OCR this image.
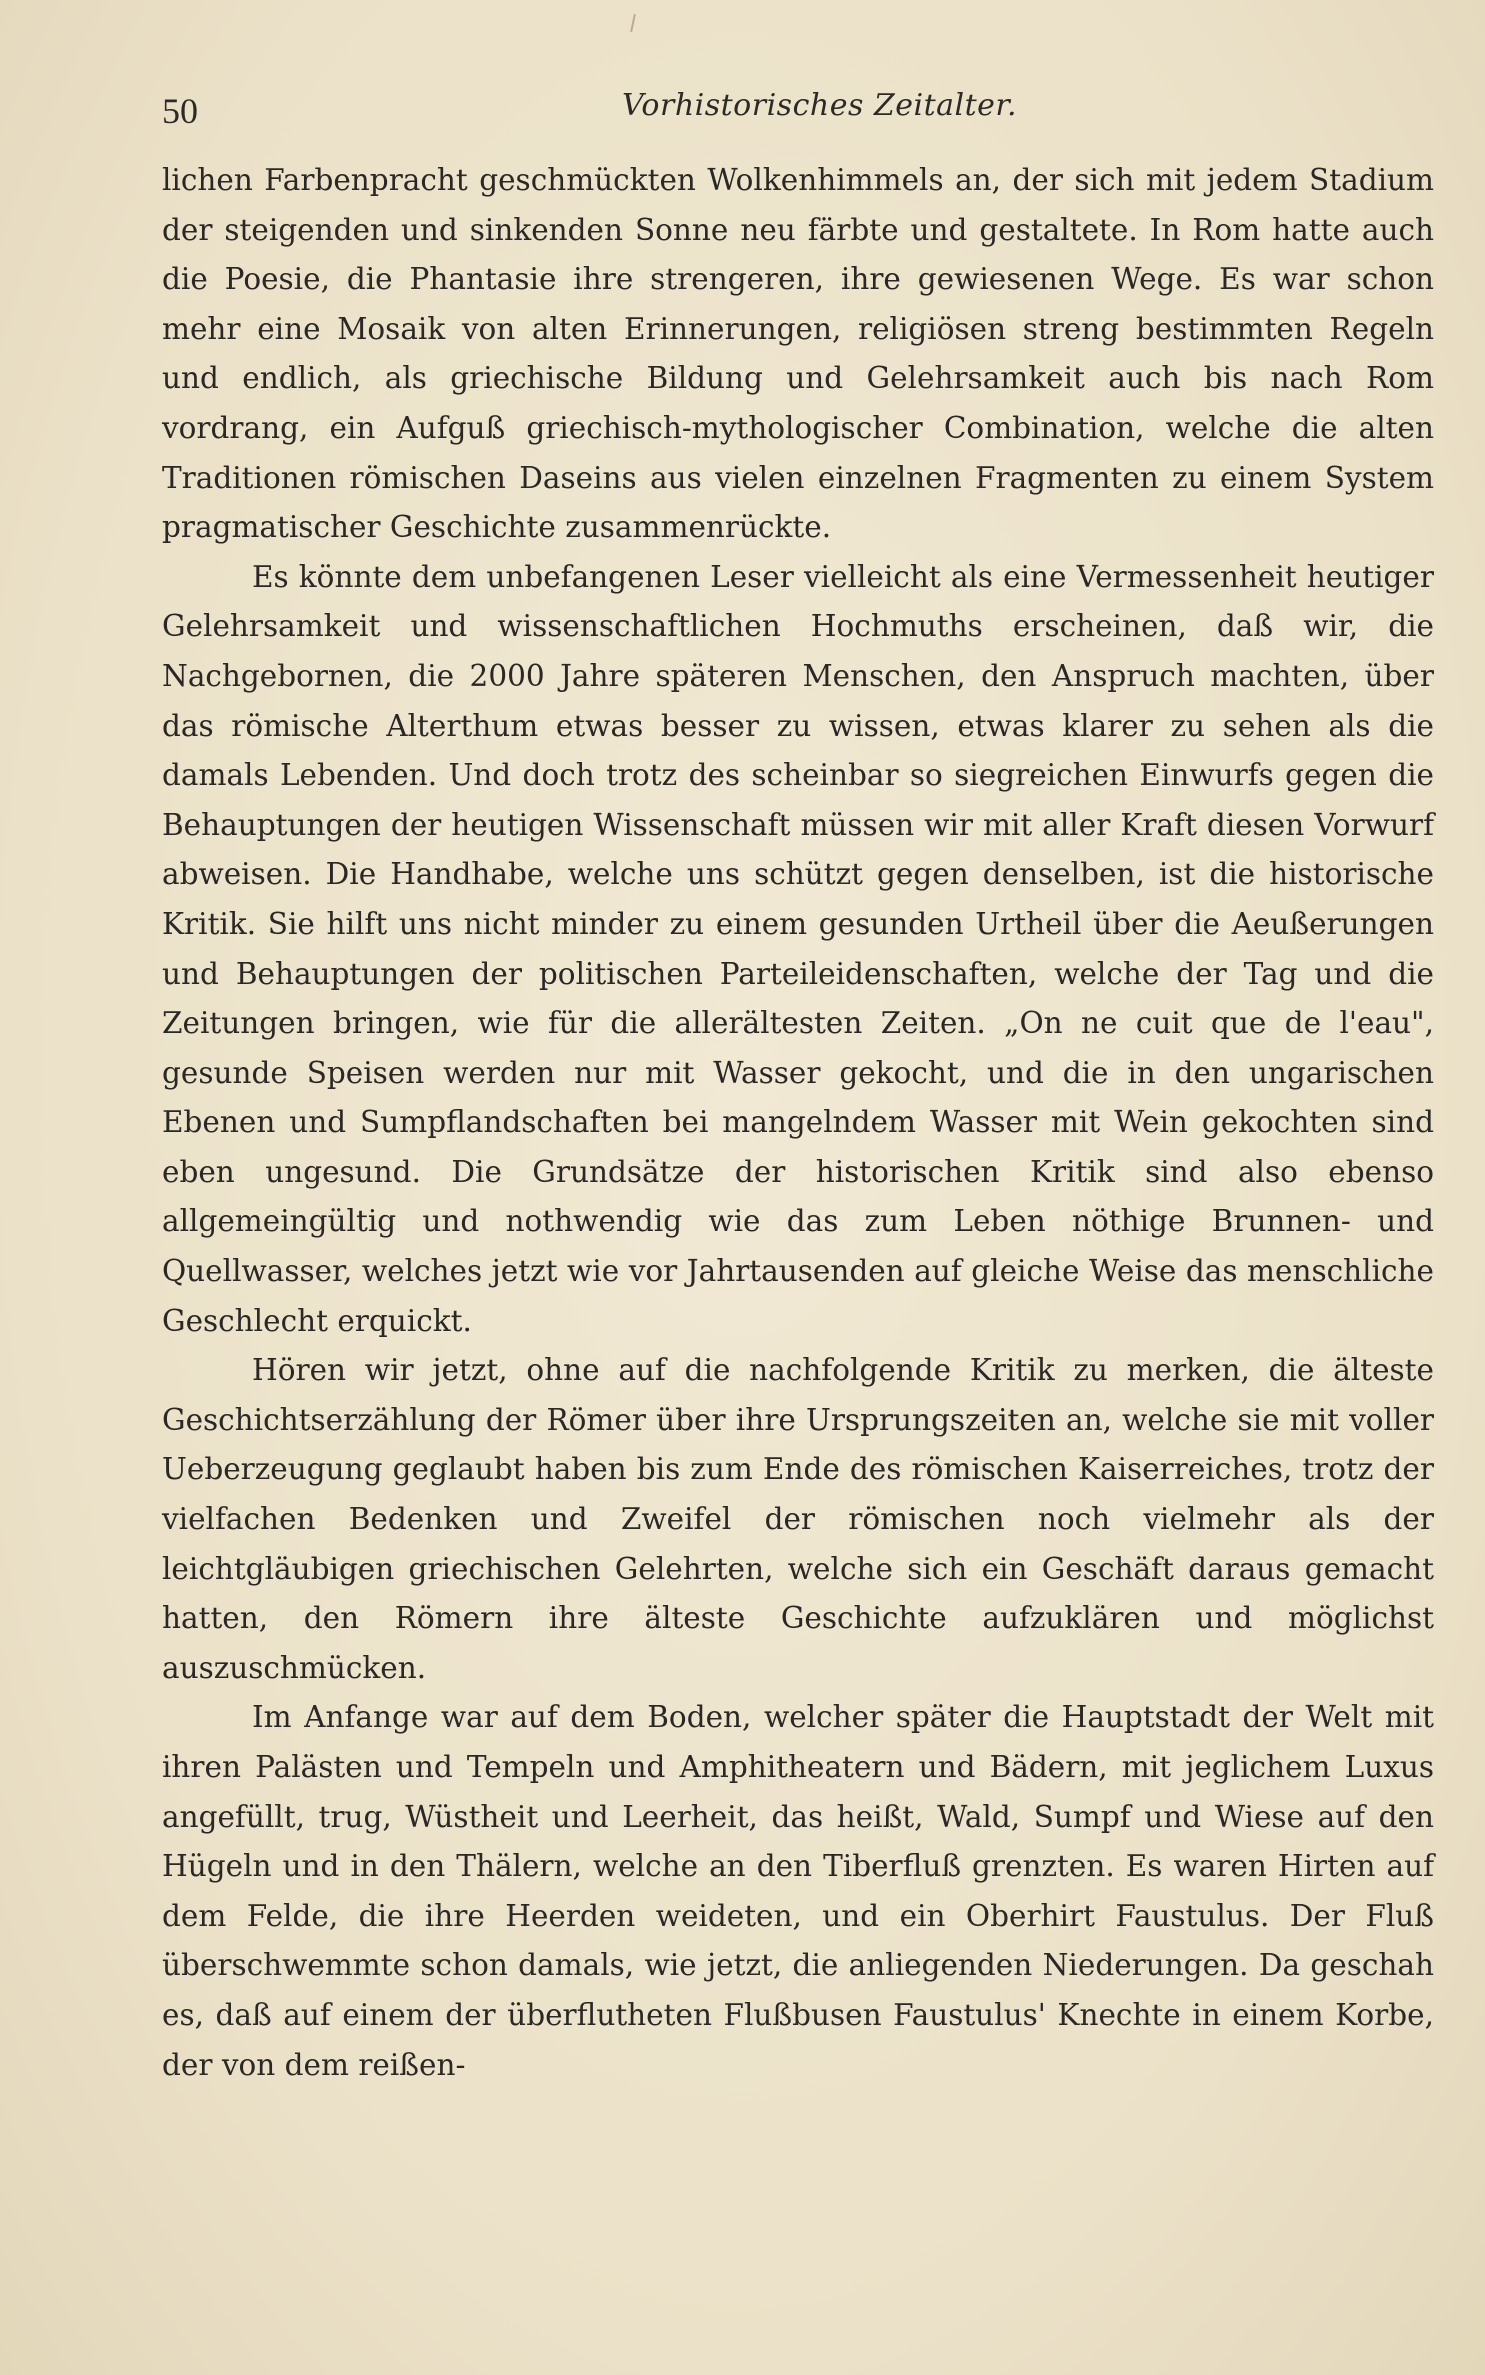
50	Vorhistorisches Zeitalter.

lichen Farbenpracht geschmückten Wolkenhimmels an, der sich mit jedem Stadium der steigenden und sinkenden Sonne neu färbte und gestaltete. In Rom hatte auch die Poesie, die Phantasie ihre strengeren, ihre gewiesenen Wege. Es war schon mehr eine Mosaik von alten Erinnerungen, religiösen streng bestimmten Regeln und endlich, als griechische Bildung und Gelehrsamkeit auch bis nach Rom vordrang, ein Aufguß griechisch-mythologischer Combination, welche die alten Traditionen römischen Daseins aus vielen einzelnen Fragmenten zu einem System pragmatischer Geschichte zusammenrückte.

Es könnte dem unbefangenen Leser vielleicht als eine Vermessenheit heutiger Gelehrsamkeit und wissenschaftlichen Hochmuths erscheinen, daß wir, die Nachgebornen, die 2000 Jahre späteren Menschen, den Anspruch machten, über das römische Alterthum etwas besser zu wissen, etwas klarer zu sehen als die damals Lebenden. Und doch trotz des scheinbar so siegreichen Einwurfs gegen die Behauptungen der heutigen Wissenschaft müssen wir mit aller Kraft diesen Vorwurf abweisen. Die Handhabe, welche uns schützt gegen denselben, ist die historische Kritik. Sie hilft uns nicht minder zu einem gesunden Urtheil über die Aeußerungen und Behauptungen der politischen Parteileidenschaften, welche der Tag und die Zeitungen bringen, wie für die allerältesten Zeiten. „On ne cuit que de l'eau", gesunde Speisen werden nur mit Wasser gekocht, und die in den ungarischen Ebenen und Sumpflandschaften bei mangelndem Wasser mit Wein gekochten sind eben ungesund. Die Grundsätze der historischen Kritik sind also ebenso allgemeingültig und nothwendig wie das zum Leben nöthige Brunnen- und Quellwasser, welches jetzt wie vor Jahrtausenden auf gleiche Weise das menschliche Geschlecht erquickt.

Hören wir jetzt, ohne auf die nachfolgende Kritik zu merken, die älteste Geschichtserzählung der Römer über ihre Ursprungszeiten an, welche sie mit voller Ueberzeugung geglaubt haben bis zum Ende des römischen Kaiserreiches, trotz der vielfachen Bedenken und Zweifel der römischen noch vielmehr als der leichtgläubigen griechischen Gelehrten, welche sich ein Geschäft daraus gemacht hatten, den Römern ihre älteste Geschichte aufzuklären und möglichst auszuschmücken.

Im Anfange war auf dem Boden, welcher später die Hauptstadt der Welt mit ihren Palästen und Tempeln und Amphitheatern und Bädern, mit jeglichem Luxus angefüllt, trug, Wüstheit und Leerheit, das heißt, Wald, Sumpf und Wiese auf den Hügeln und in den Thälern, welche an den Tiberfluß grenzten. Es waren Hirten auf dem Felde, die ihre Heerden weideten, und ein Oberhirt Faustulus. Der Fluß überschwemmte schon damals, wie jetzt, die anliegenden Niederungen. Da geschah es, daß auf einem der überflutheten Flußbusen Faustulus' Knechte in einem Korbe, der von dem reißen-
